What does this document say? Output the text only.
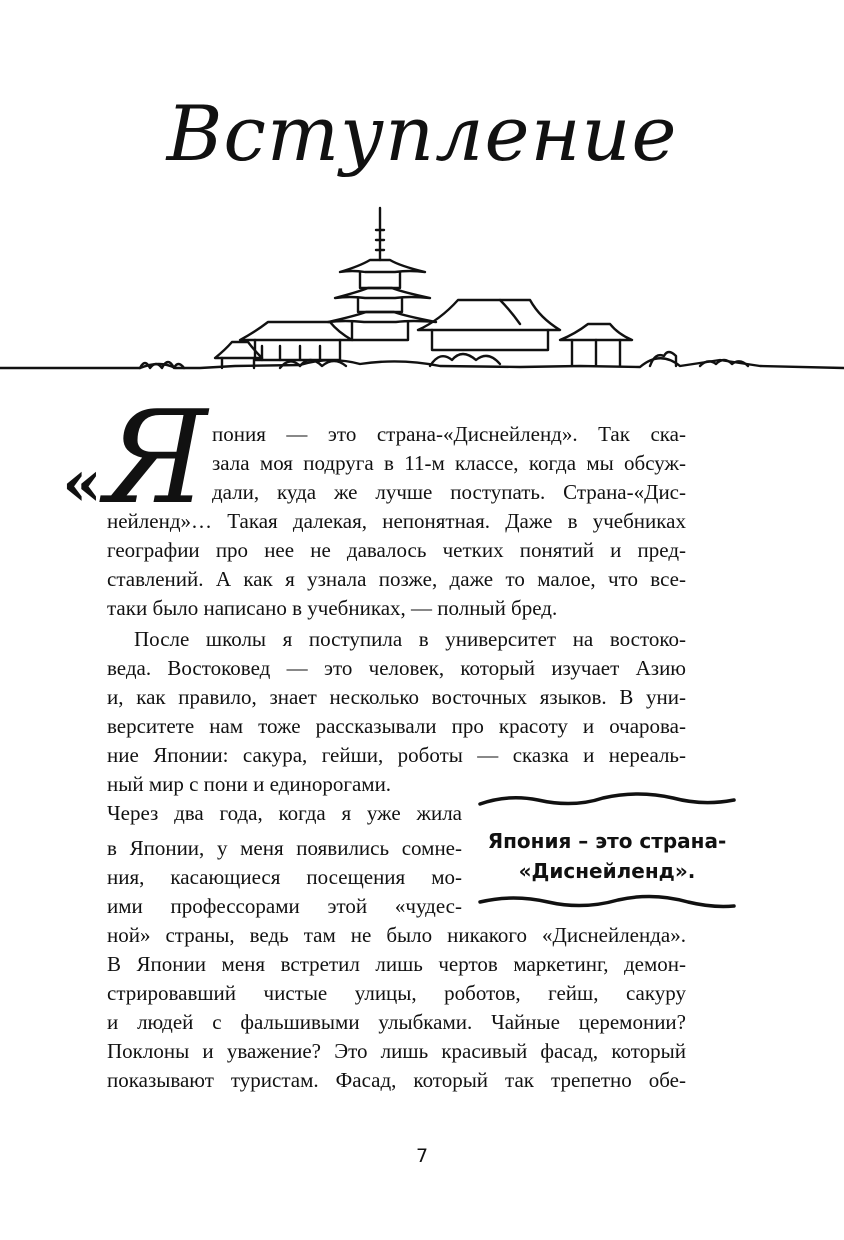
Вступление
« Я пония — это страна-«Диснейленд». Так ска-
зала моя подруга в 11-м классе, когда мы обсуж-
дали, куда же лучше поступать. Страна-«Дис-
нейленд»… Такая далекая, непонятная. Даже в учебниках
географии про нее не давалось четких понятий и пред-
ставлений. А как я узнала позже, даже то малое, что все-
таки было написано в учебниках, — полный бред.
После школы я поступила в университет на востоко-
веда. Востоковед — это человек, который изучает Азию
и, как правило, знает несколько восточных языков. В уни-
верситете нам тоже рассказывали про красоту и очарова-
ние Японии: сакура, гейши, роботы — сказка и нереаль-
ный мир с пони и единорогами.
Через два года, когда я уже жила
в Японии, у меня появились сомне-
ния, касающиеся посещения мо-
ими профессорами этой «чудес-
ной» страны, ведь там не было никакого «Диснейленда».
В Японии меня встретил лишь чертов маркетинг, демон-
стрировавший чистые улицы, роботов, гейш, сакуру
и людей с фальшивыми улыбками. Чайные церемонии?
Поклоны и уважение? Это лишь красивый фасад, который
показывают туристам. Фасад, который так трепетно обе-
Япония – это страна-
«Диснейленд».
7
